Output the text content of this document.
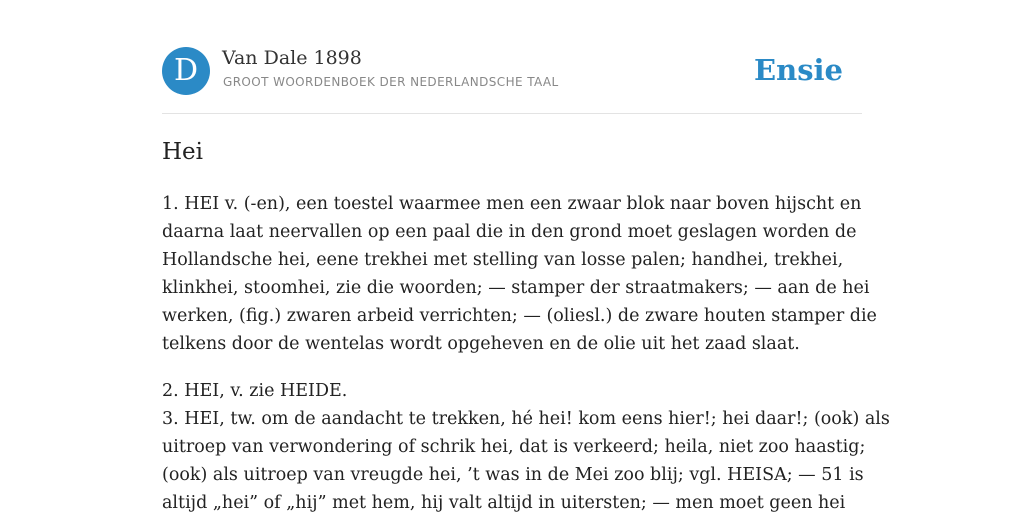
D	Van Dale 1898
GROOT WOORDENBOEK DER NEDERLANDSCHE TAAL	Ensie
Hei
1. HEI v. (-en), een toestel waarmee men een zwaar blok naar boven hijscht en
daarna laat neervallen op een paal die in den grond moet geslagen worden de
Hollandsche hei, eene trekhei met stelling van losse palen; handhei, trekhei,
klinkhei, stoomhei, zie die woorden; — stamper der straatmakers; — aan de hei
werken, (fig.) zwaren arbeid verrichten; — (oliesl.) de zware houten stamper die
telkens door de wentelas wordt opgeheven en de olie uit het zaad slaat.
2. HEI, v. zie HEIDE.
3. HEI, tw. om de aandacht te trekken, hé hei! kom eens hier!; hei daar!; (ook) als
uitroep van verwondering of schrik hei, dat is verkeerd; heila, niet zoo haastig;
(ook) als uitroep van vreugde hei, ’t was in de Mei zoo blij; vgl. HEISA; — 51 is
altijd „hei” of „hij” met hem, hij valt altijd in uitersten; — men moet geen hei
